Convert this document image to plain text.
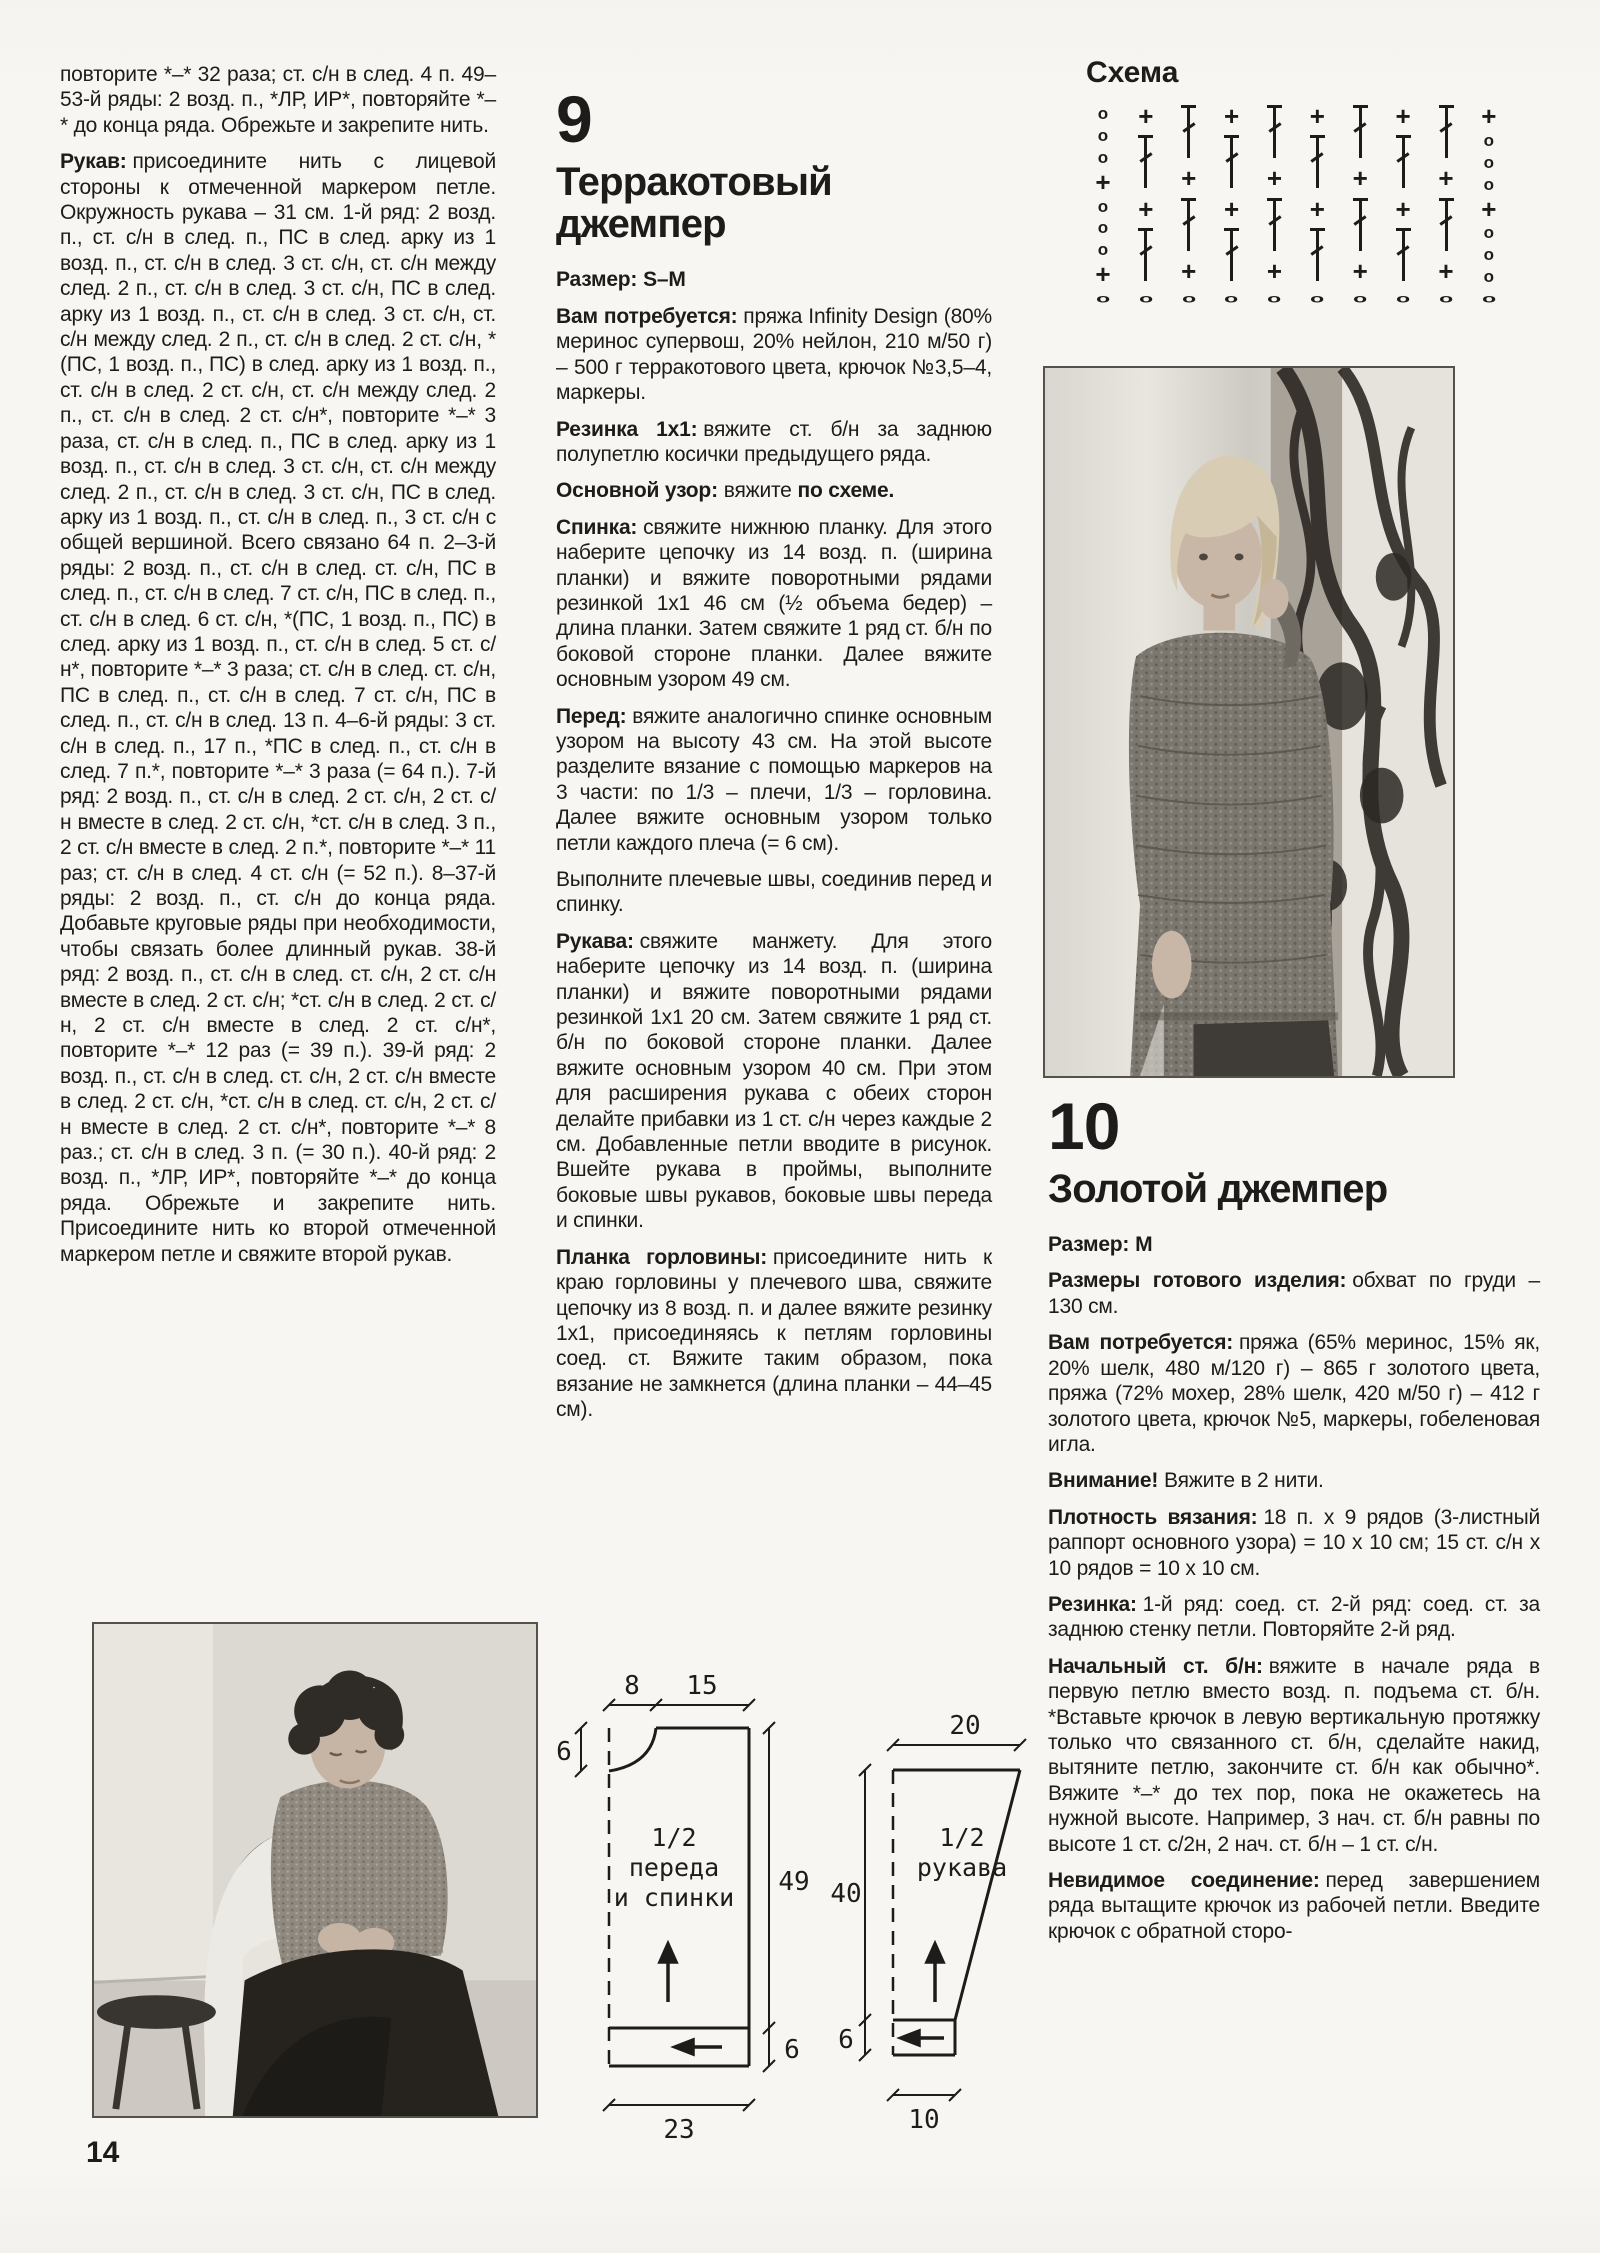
повторите *–* 32 раза; ст. с/н в след. 4 п. 49–53-й ряды: 2 возд. п., *ЛР, ИР*, повторяйте *–* до конца ряда. Обрежьте и закрепите нить.

Рукав: присоедините нить с лицевой стороны к отмеченной маркером петле. Окружность рукава – 31 см. 1-й ряд: 2 возд. п., ст. с/н в след. п., ПС в след. арку из 1 возд. п., ст. с/н в след. 3 ст. с/н, ст. с/н между след. 2 п., ст. с/н в след. 3 ст. с/н, ПС в след. арку из 1 возд. п., ст. с/н в след. 3 ст. с/н, ст. с/н между след. 2 п., ст. с/н в след. 2 ст. с/н, *(ПС, 1 возд. п., ПС) в след. арку из 1 возд. п., ст. с/н в след. 2 ст. с/н, ст. с/н между след. 2 п., ст. с/н в след. 2 ст. с/н*, повторите *–* 3 раза, ст. с/н в след. п., ПС в след. арку из 1 возд. п., ст. с/н в след. 3 ст. с/н, ст. с/н между след. 2 п., ст. с/н в след. 3 ст. с/н, ПС в след. арку из 1 возд. п., ст. с/н в след. п., 3 ст. с/н с общей вершиной. Всего связано 64 п. 2–3-й ряды: 2 возд. п., ст. с/н в след. ст. с/н, ПС в след. п., ст. с/н в след. 7 ст. с/н, ПС в след. п., ст. с/н в след. 6 ст. с/н, *(ПС, 1 возд. п., ПС) в след. арку из 1 возд. п., ст. с/н в след. 5 ст. с/н*, повторите *–* 3 раза; ст. с/н в след. ст. с/н, ПС в след. п., ст. с/н в след. 7 ст. с/н, ПС в след. п., ст. с/н в след. 13 п. 4–6-й ряды: 3 ст. с/н в след. п., 17 п., *ПС в след. п., ст. с/н в след. 7 п.*, повторите *–* 3 раза (= 64 п.). 7-й ряд: 2 возд. п., ст. с/н в след. 2 ст. с/н, 2 ст. с/н вместе в след. 2 ст. с/н, *ст. с/н в след. 3 п., 2 ст. с/н вместе в след. 2 п.*, повторите *–* 11 раз; ст. с/н в след. 4 ст. с/н (= 52 п.). 8–37-й ряды: 2 возд. п., ст. с/н до конца ряда. Добавьте круговые ряды при необходимости, чтобы связать более длинный рукав. 38-й ряд: 2 возд. п., ст. с/н в след. ст. с/н, 2 ст. с/н вместе в след. 2 ст. с/н; *ст. с/н в след. 2 ст. с/н, 2 ст. с/н вместе в след. 2 ст. с/н*, повторите *–* 12 раз (= 39 п.). 39-й ряд: 2 возд. п., ст. с/н в след. ст. с/н, 2 ст. с/н вместе в след. 2 ст. с/н, *ст. с/н в след. ст. с/н, 2 ст. с/н вместе в след. 2 ст. с/н*, повторите *–* 8 раз.; ст. с/н в след. 3 п. (= 30 п.). 40-й ряд: 2 возд. п., *ЛР, ИР*, повторяйте *–* до конца ряда. Обрежьте и закрепите нить. Присоедините нить ко второй отмеченной маркером петле и свяжите второй рукав.

14
9
Терракотовый джемпер

Размер: S–M

Вам потребуется: пряжа Infinity Design (80% меринос супервош, 20% нейлон, 210 м/50 г) – 500 г терракотового цвета, крючок №3,5–4, маркеры.

Резинка 1х1: вяжите ст. б/н за заднюю полупетлю косички предыдущего ряда.

Основной узор: вяжите по схеме.

Спинка: свяжите нижнюю планку. Для этого наберите цепочку из 14 возд. п. (ширина планки) и вяжите поворотными рядами резинкой 1х1 46 см (½ объема бедер) – длина планки. Затем свяжите 1 ряд ст. б/н по боковой стороне планки. Далее вяжите основным узором 49 см.

Перед: вяжите аналогично спинке основным узором на высоту 43 см. На этой высоте разделите вязание с помощью маркеров на 3 части: по 1/3 – плечи, 1/3 – горловина. Далее вяжите основным узором только петли каждого плеча (= 6 см).

Выполните плечевые швы, соединив перед и спинку.

Рукава: свяжите манжету. Для этого наберите цепочку из 14 возд. п. (ширина планки) и вяжите поворотными рядами резинкой 1х1 20 см. Затем свяжите 1 ряд ст. б/н по боковой стороне планки. Далее вяжите основным узором 40 см. При этом для расширения рукава с обеих сторон делайте прибавки из 1 ст. с/н через каждые 2 см. Добавленные петли вводите в рисунок. Вшейте рукава в проймы, выполните боковые швы рукавов, боковые швы переда и спинки.

Планка горловины: присоедините нить к краю горловины у плечевого шва, свяжите цепочку из 8 возд. п. и далее вяжите резинку 1х1, присоединяясь к петлям горловины соед. ст. Вяжите таким образом, пока вязание не замкнется (длина планки – 44–45 см).

8 15
6
49
6
23
1/2
переда
и спинки
20
40
6
10
1/2
рукава
Схема
о
о
о
+
о
о
о
+
о
+
+
о
+
+
о
+
+
о
+
+
о
+
+
о
+
+
о
+
+
о
+
+
о
+
о
о
о
+
о
о
о
о
10
Золотой джемпер

Размер: М

Размеры готового изделия: обхват по груди – 130 см.

Вам потребуется: пряжа (65% меринос, 15% як, 20% шелк, 480 м/120 г) – 865 г золотого цвета, пряжа (72% мохер, 28% шелк, 420 м/50 г) – 412 г золотого цвета, крючок №5, маркеры, гобеленовая игла.

Внимание! Вяжите в 2 нити.

Плотность вязания: 18 п. х 9 рядов (3-листный раппорт основного узора) = 10 х 10 см; 15 ст. с/н х 10 рядов = 10 х 10 см.

Резинка: 1-й ряд: соед. ст. 2-й ряд: соед. ст. за заднюю стенку петли. Повторяйте 2-й ряд.

Начальный ст. б/н: вяжите в начале ряда в первую петлю вместо возд. п. подъема ст. б/н. *Вставьте крючок в левую вертикальную протяжку только что связанного ст. б/н, сделайте накид, вытяните петлю, закончите ст. б/н как обычно*. Вяжите *–* до тех пор, пока не окажетесь на нужной высоте. Например, 3 нач. ст. б/н равны по высоте 1 ст. с/2н, 2 нач. ст. б/н – 1 ст. с/н.

Невидимое соединение: перед завершением ряда вытащите крючок из рабочей петли. Введите крючок с обратной сторо-
